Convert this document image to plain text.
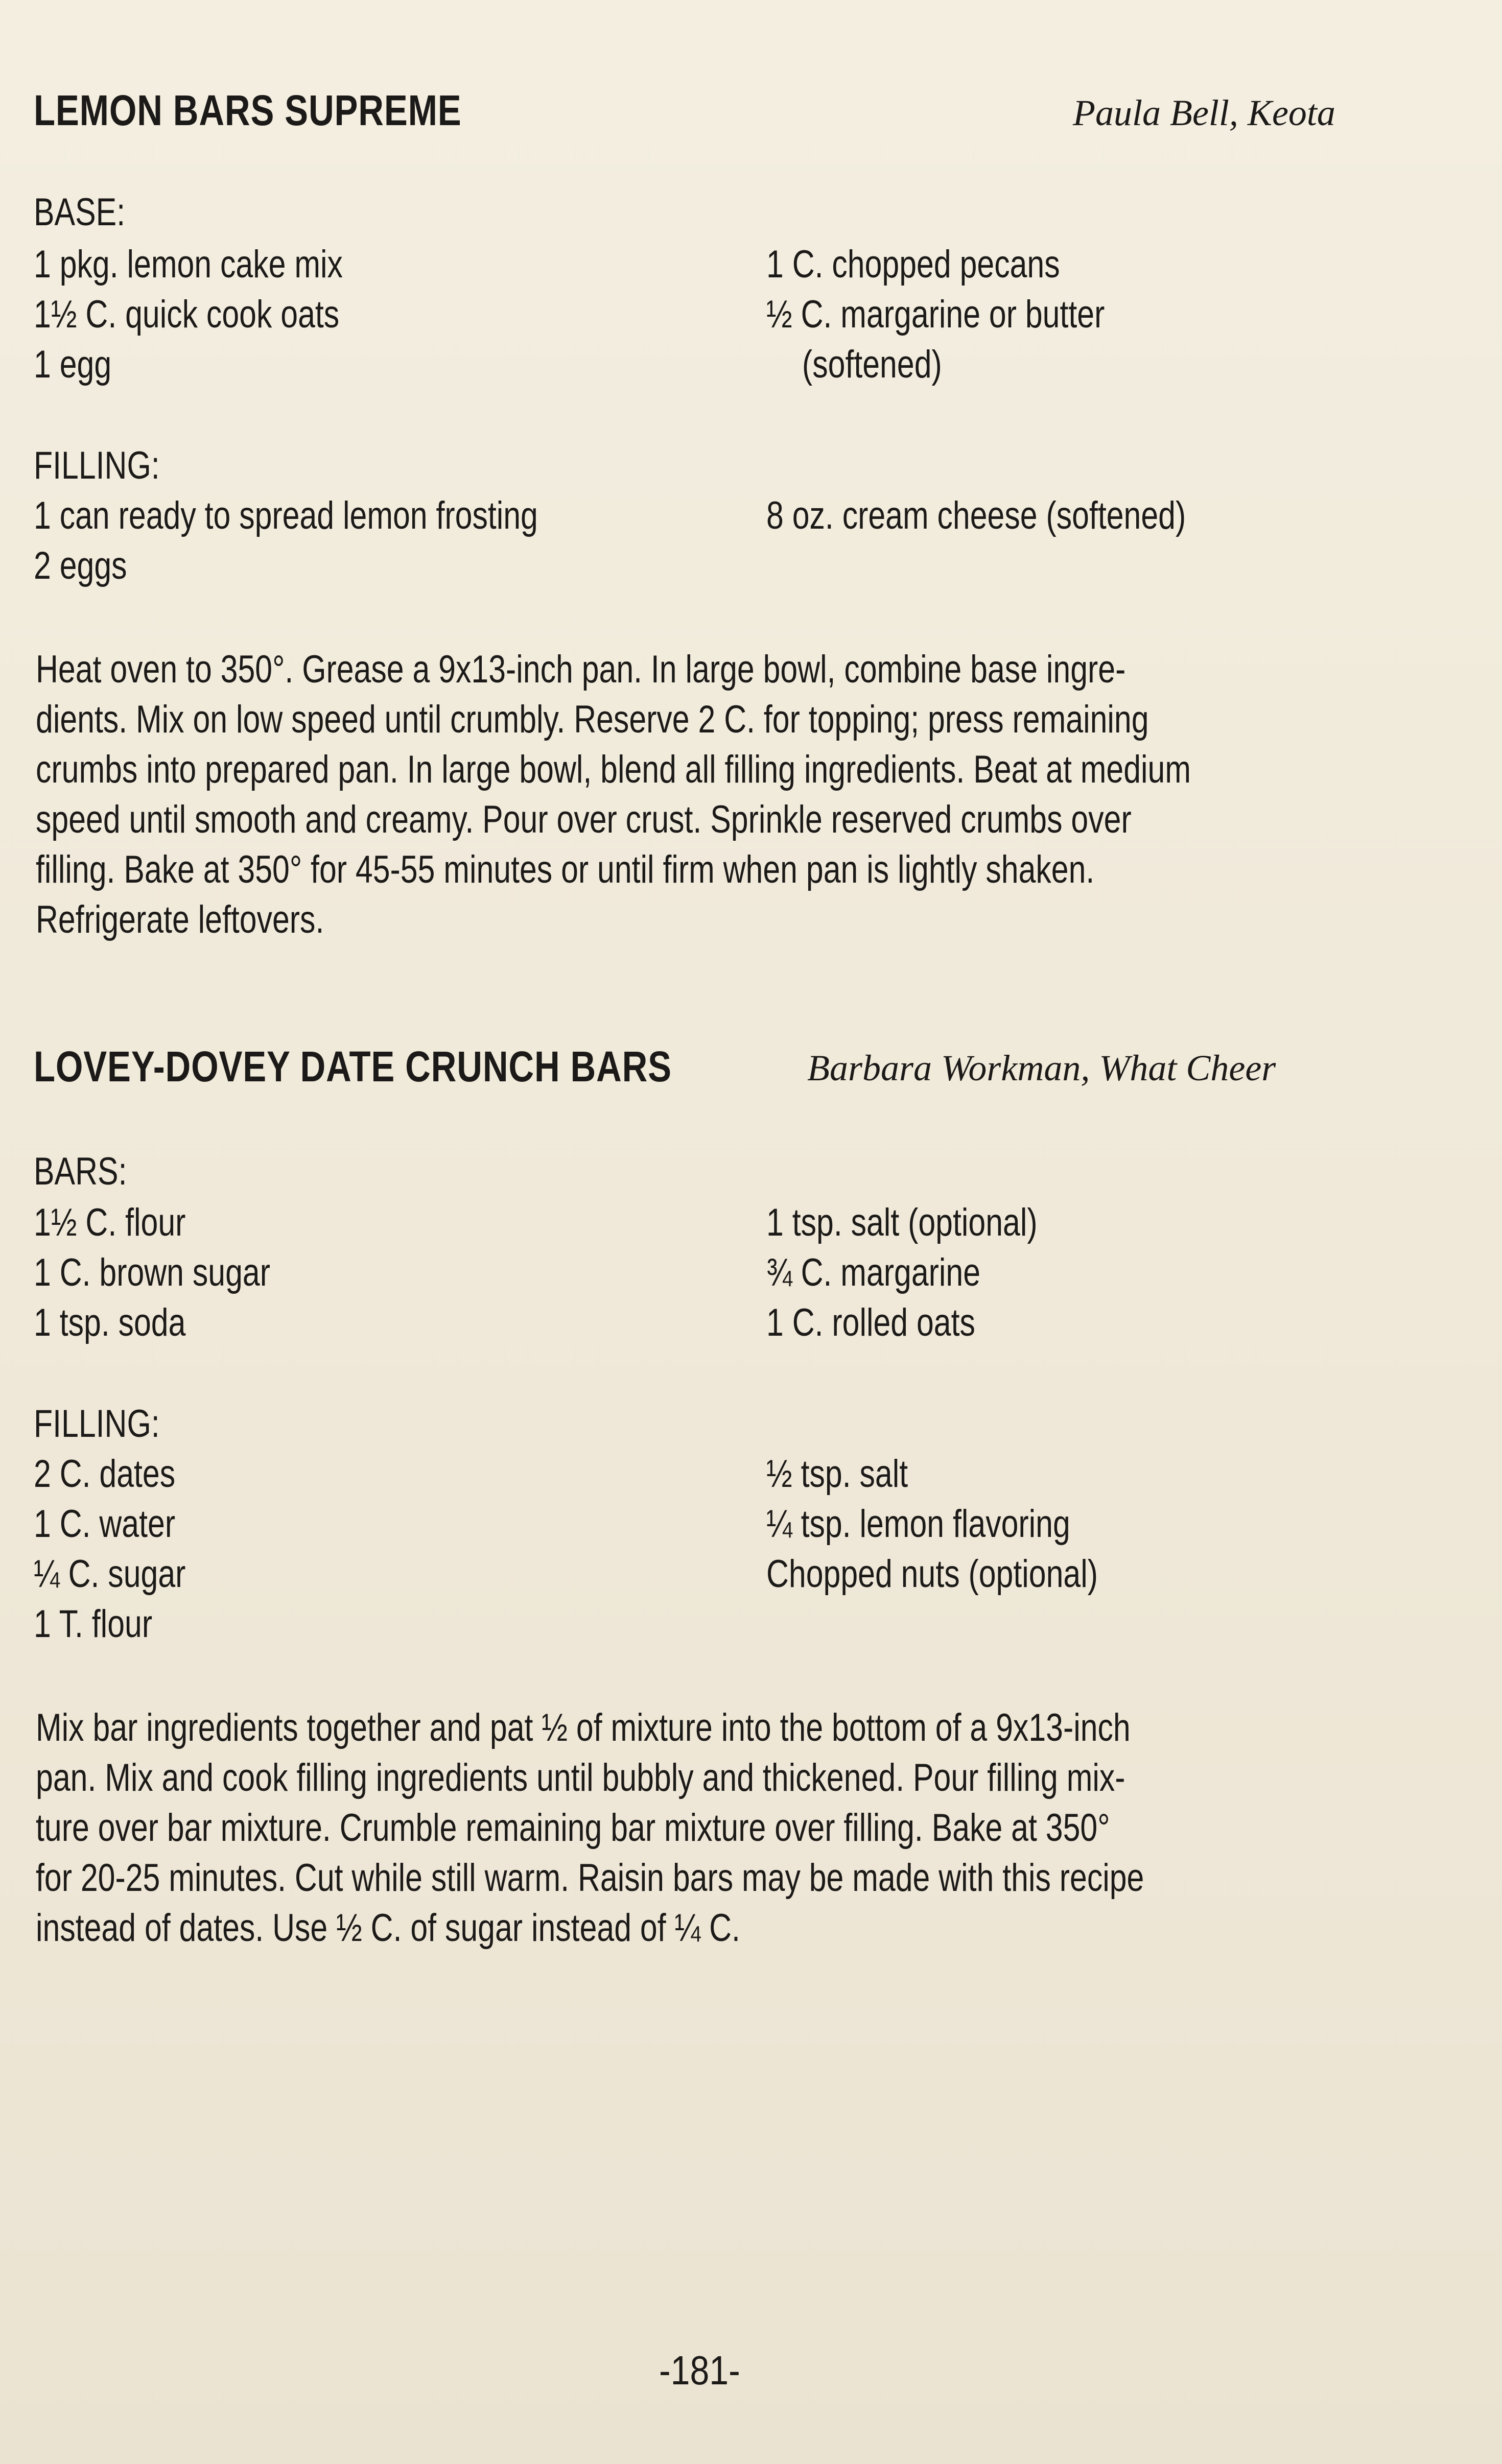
LEMON BARS SUPREME	Paula Bell, Keota
BASE:
1 pkg. lemon cake mix
1½ C. quick cook oats
1 egg
1 C. chopped pecans
½ C. margarine or butter
(softened)
FILLING:
1 can ready to spread lemon frosting
2 eggs
8 oz. cream cheese (softened)
Heat oven to 350°. Grease a 9x13-inch pan. In large bowl, combine base ingre-
dients. Mix on low speed until crumbly. Reserve 2 C. for topping; press remaining
crumbs into prepared pan. In large bowl, blend all filling ingredients. Beat at medium
speed until smooth and creamy. Pour over crust. Sprinkle reserved crumbs over
filling. Bake at 350° for 45-55 minutes or until firm when pan is lightly shaken.
Refrigerate leftovers.
LOVEY-DOVEY DATE CRUNCH BARS	Barbara Workman, What Cheer
BARS:
1½ C. flour
1 C. brown sugar
1 tsp. soda
1 tsp. salt (optional)
¾ C. margarine
1 C. rolled oats
FILLING:
2 C. dates
1 C. water
¼ C. sugar
1 T. flour
½ tsp. salt
¼ tsp. lemon flavoring
Chopped nuts (optional)
Mix bar ingredients together and pat ½ of mixture into the bottom of a 9x13-inch
pan. Mix and cook filling ingredients until bubbly and thickened. Pour filling mix-
ture over bar mixture. Crumble remaining bar mixture over filling. Bake at 350°
for 20-25 minutes. Cut while still warm. Raisin bars may be made with this recipe
instead of dates. Use ½ C. of sugar instead of ¼ C.
-181-
